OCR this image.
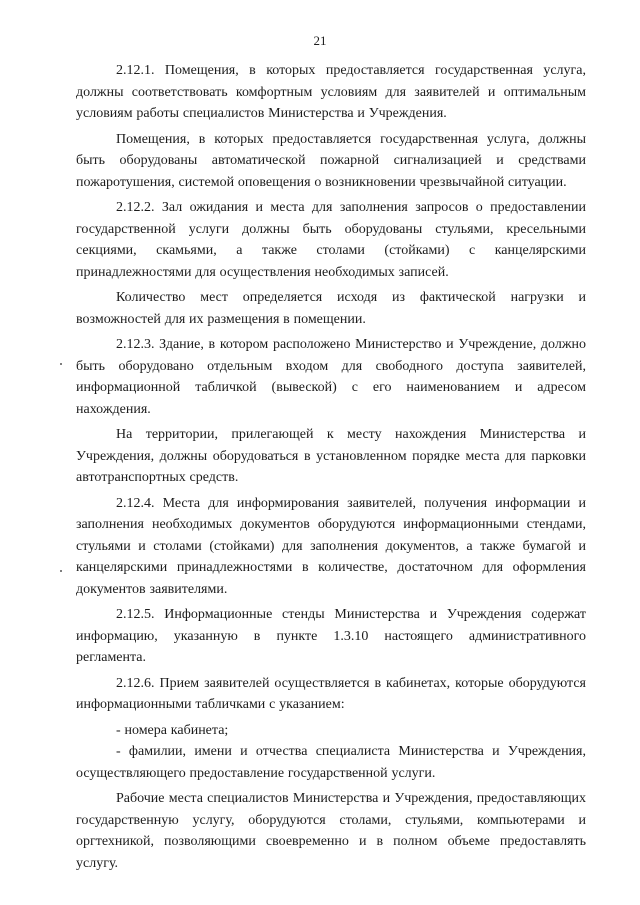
21

2.12.1. Помещения, в которых предоставляется государственная услуга, должны соответствовать комфортным условиям для заявителей и оптимальным условиям работы специалистов Министерства и Учреждения.

Помещения, в которых предоставляется государственная услуга, должны быть оборудованы автоматической пожарной сигнализацией и средствами пожаротушения, системой оповещения о возникновении чрезвычайной ситуации.

2.12.2. Зал ожидания и места для заполнения запросов о предоставлении государственной услуги должны быть оборудованы стульями, кресельными секциями, скамьями, а также столами (стойками) с канцелярскими принадлежностями для осуществления необходимых записей.

Количество мест определяется исходя из фактической нагрузки и возможностей для их размещения в помещении.

2.12.3. Здание, в котором расположено Министерство и Учреждение, должно быть оборудовано отдельным входом для свободного доступа заявителей, информационной табличкой (вывеской) с его наименованием и адресом нахождения.

На территории, прилегающей к месту нахождения Министерства и Учреждения, должны оборудоваться в установленном порядке места для парковки автотранспортных средств.

2.12.4. Места для информирования заявителей, получения информации и заполнения необходимых документов оборудуются информационными стендами, стульями и столами (стойками) для заполнения документов, а также бумагой и канцелярскими принадлежностями в количестве, достаточном для оформления документов заявителями.

2.12.5. Информационные стенды Министерства и Учреждения содержат информацию, указанную в пункте 1.3.10 настоящего административного регламента.

2.12.6. Прием заявителей осуществляется в кабинетах, которые оборудуются информационными табличками с указанием:

- номера кабинета;

- фамилии, имени и отчества специалиста Министерства и Учреждения, осуществляющего предоставление государственной услуги.

Рабочие места специалистов Министерства и Учреждения, предоставляющих государственную услугу, оборудуются столами, стульями, компьютерами и оргтехникой, позволяющими своевременно и в полном объеме предоставлять услугу.
